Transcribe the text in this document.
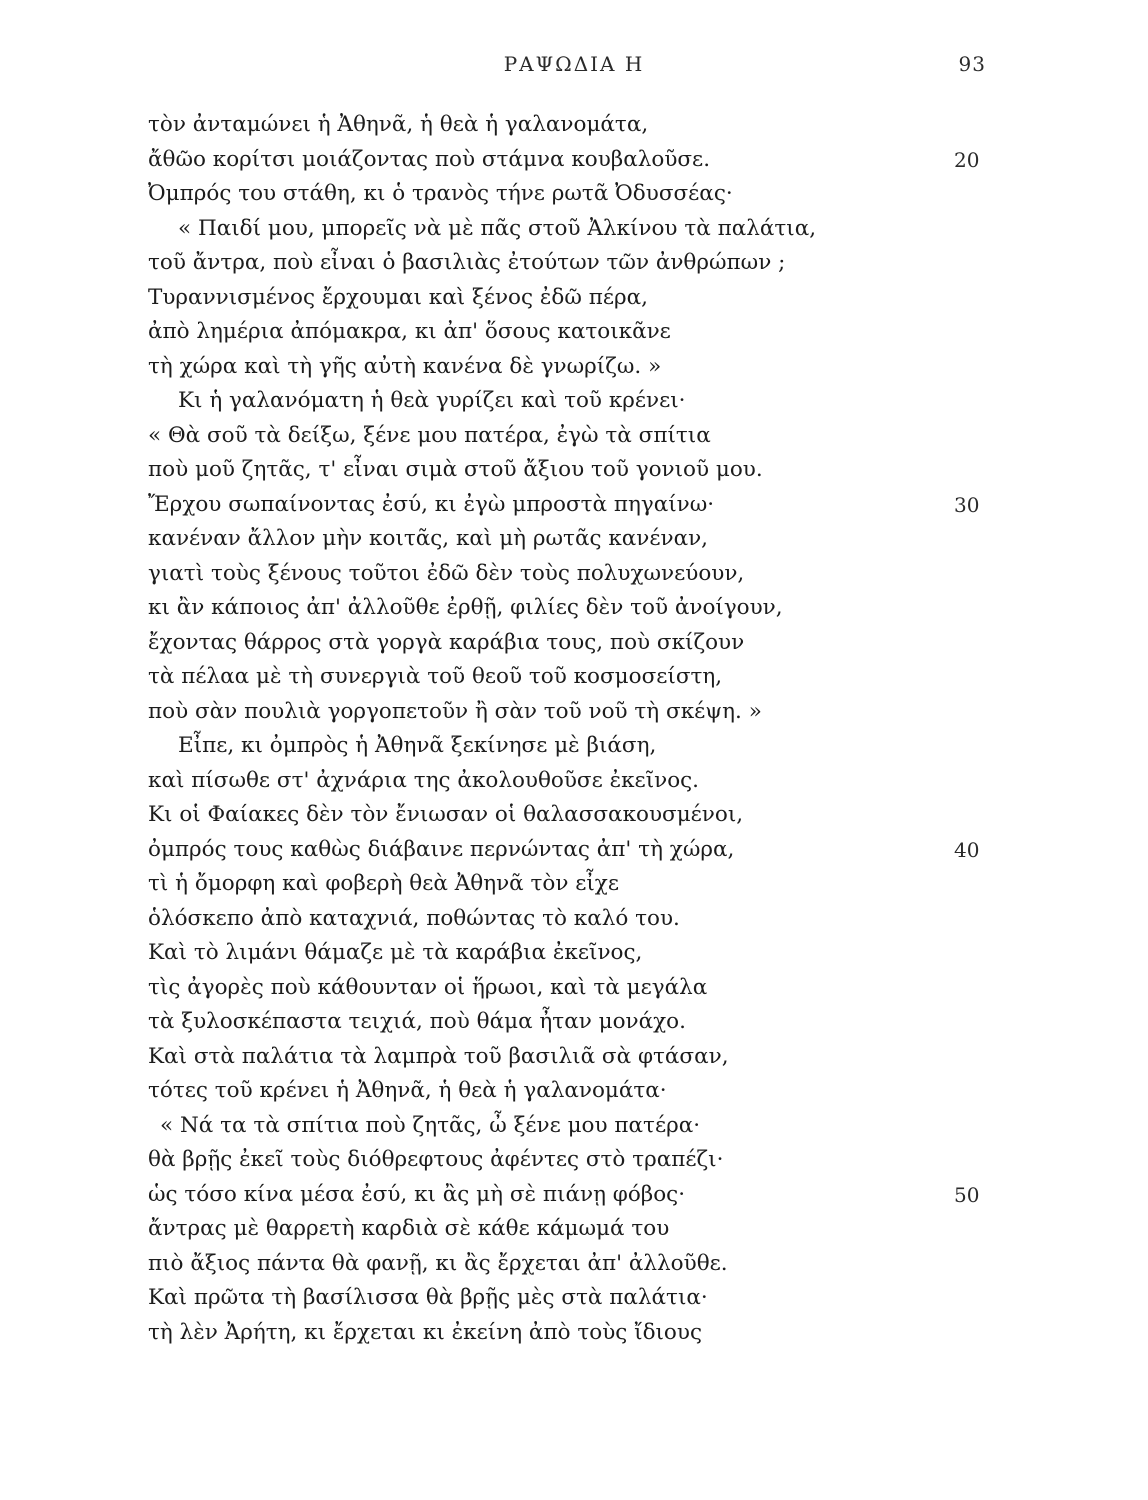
ΡΑΨΩΔΙΑ Η	93
τὸν ἀνταμώνει ἡ Ἀθηνᾶ, ἡ θεὰ ἡ γαλανομάτα,
ἄθῶο κορίτσι μοιάζοντας ποὺ στάμνα κουβαλοῦσε.	20
Ὀμπρός του στάθη, κι ὁ τρανὸς τήνε ρωτᾶ Ὀδυσσέας·
« Παιδί μου, μπορεῖς νὰ μὲ πᾶς στοῦ Ἀλκίνου τὰ παλάτια,
τοῦ ἄντρα, ποὺ εἶναι ὁ βασιλιὰς ἐτούτων τῶν ἀνθρώπων ;
Τυραννισμένος ἔρχουμαι καὶ ξένος ἐδῶ πέρα,
ἀπὸ λημέρια ἀπόμακρα, κι ἀπ' ὅσους κατοικᾶνε
τὴ χώρα καὶ τὴ γῆς αὐτὴ κανένα δὲ γνωρίζω. »
Κι ἡ γαλανόματη ἡ θεὰ γυρίζει καὶ τοῦ κρένει·
« Θὰ σοῦ τὰ δείξω, ξένε μου πατέρα, ἐγὼ τὰ σπίτια
ποὺ μοῦ ζητᾶς, τ' εἶναι σιμὰ στοῦ ἄξιου τοῦ γονιοῦ μου.
Ἔρχου σωπαίνοντας ἐσύ, κι ἐγὼ μπροστὰ πηγαίνω·	30
κανέναν ἄλλον μὴν κοιτᾶς, καὶ μὴ ρωτᾶς κανέναν,
γιατὶ τοὺς ξένους τοῦτοι ἐδῶ δὲν τοὺς πολυχωνεύουν,
κι ἂν κάποιος ἀπ' ἀλλοῦθε ἐρθῇ, φιλίες δὲν τοῦ ἀνοίγουν,
ἔχοντας θάρρος στὰ γοργὰ καράβια τους, ποὺ σκίζουν
τὰ πέλαα μὲ τὴ συνεργιὰ τοῦ θεοῦ τοῦ κοσμοσείστη,
ποὺ σὰν πουλιὰ γοργοπετοῦν ἢ σὰν τοῦ νοῦ τὴ σκέψη. »
Εἶπε, κι ὀμπρὸς ἡ Ἀθηνᾶ ξεκίνησε μὲ βιάση,
καὶ πίσωθε στ' ἀχνάρια της ἀκολουθοῦσε ἐκεῖνος.
Κι οἱ Φαίακες δὲν τὸν ἔνιωσαν οἱ θαλασσακουσμένοι,
ὀμπρός τους καθὼς διάβαινε περνώντας ἀπ' τὴ χώρα,	40
τὶ ἡ ὄμορφη καὶ φοβερὴ θεὰ Ἀθηνᾶ τὸν εἶχε
ὁλόσκεπο ἀπὸ καταχνιά, ποθώντας τὸ καλό του.
Καὶ τὸ λιμάνι θάμαζε μὲ τὰ καράβια ἐκεῖνος,
τὶς ἀγορὲς ποὺ κάθουνταν οἱ ἥρωοι, καὶ τὰ μεγάλα
τὰ ξυλοσκέπαστα τειχιά, ποὺ θάμα ἦταν μονάχο.
Καὶ στὰ παλάτια τὰ λαμπρὰ τοῦ βασιλιᾶ σὰ φτάσαν,
τότες τοῦ κρένει ἡ Ἀθηνᾶ, ἡ θεὰ ἡ γαλανομάτα·
« Νά τα τὰ σπίτια ποὺ ζητᾶς, ὦ ξένε μου πατέρα·
θὰ βρῇς ἐκεῖ τοὺς διόθρεφτους ἀφέντες στὸ τραπέζι·
ὡς τόσο κίνα μέσα ἐσύ, κι ἂς μὴ σὲ πιάνῃ φόβος·	50
ἄντρας μὲ θαρρετὴ καρδιὰ σὲ κάθε κάμωμά του
πιὸ ἄξιος πάντα θὰ φανῇ, κι ἂς ἔρχεται ἀπ' ἀλλοῦθε.
Καὶ πρῶτα τὴ βασίλισσα θὰ βρῇς μὲς στὰ παλάτια·
τὴ λὲν Ἀρήτη, κι ἔρχεται κι ἐκείνη ἀπὸ τοὺς ἴδιους
